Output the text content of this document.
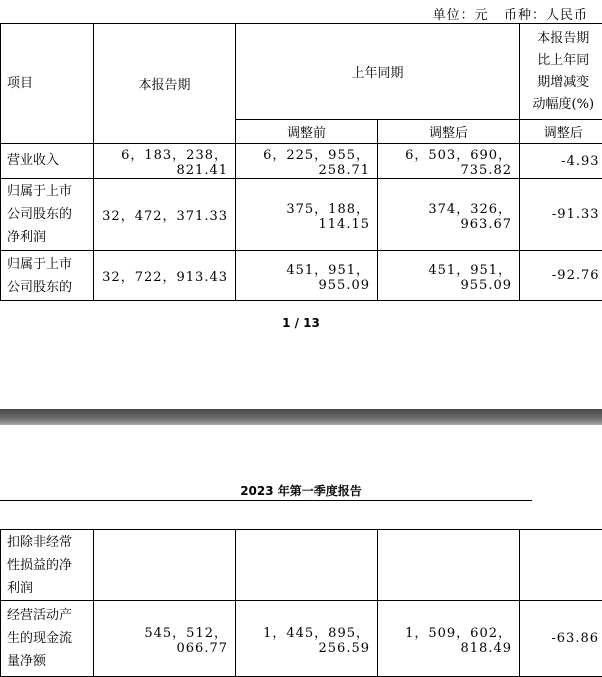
单位：元   币种：人民币
项目	本报告期	上年同期		本报告期
比上年同
期增减变
动幅度(%)

		调整前	调整后	调整后

营业收入	6，183，238，821.41	6，225，955，258.71	6，503，690，735.82	-4.93

归属于上市
公司股东的
净利润	32，472，371.33	375，188，114.15	374，326，963.67	-91.33

归属于上市
公司股东的	32，722，913.43	451，951，955.09	451，951，955.09	-92.76
1 / 13
2023 年第一季度报告
扣除非经常
性损益的净
利润				

经营活动产
生的现金流
量净额	545，512，066.77	1，445，895，256.59	1，509，602，818.49	-63.86
